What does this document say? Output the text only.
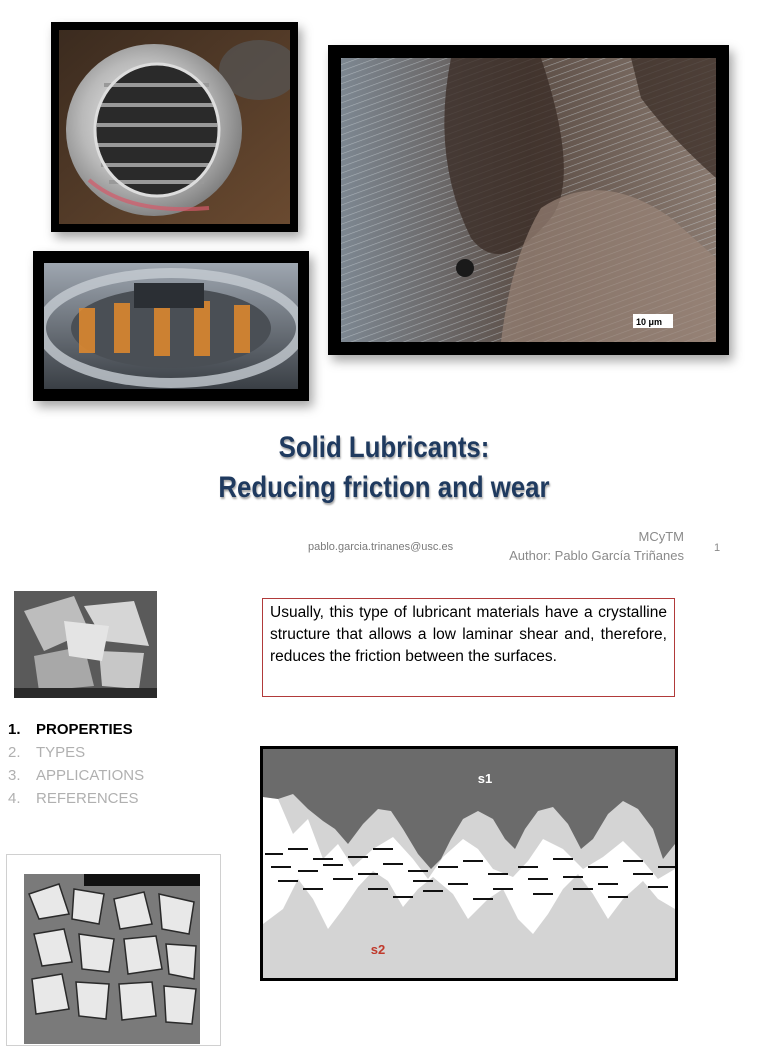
10 μm
Solid Lubricants:
Reducing friction and wear
pablo.garcia.trinanes@usc.es
MCyTM
Author: Pablo García Triñanes	1
Usually, this type of lubricant materials have a crystalline structure that allows a low laminar shear and, therefore, reduces the friction between the surfaces.
1.	PROPERTIES
2.	TYPES
3.	APPLICATIONS
4.	REFERENCES
s1
s2
